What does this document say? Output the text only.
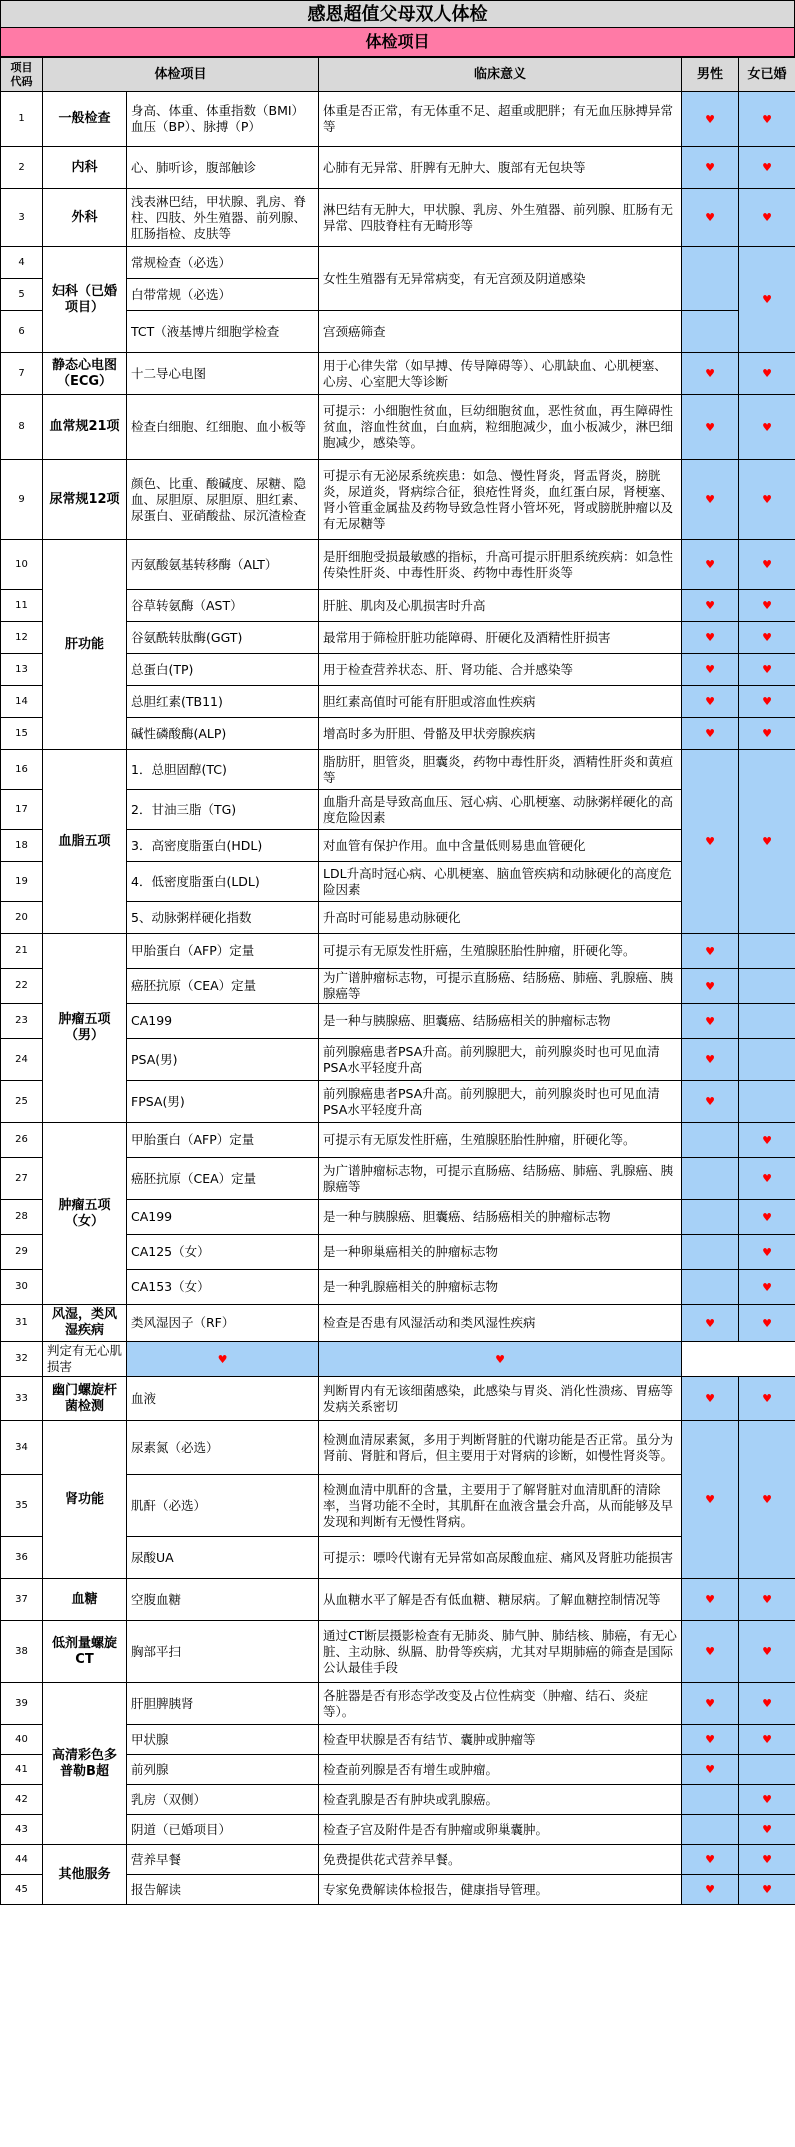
感恩超值父母双人体检
体检项目
项目
代码	体检项目		临床意义	男性	女已婚
1	一般检查	身高、体重、体重指数（BMI） 血压（BP）、脉搏（P）	体重是否正常，有无体重不足、超重或肥胖；有无血压脉搏异常等	♥	♥
2	内科	心、肺听诊，腹部触诊	心肺有无异常、肝脾有无肿大、腹部有无包块等	♥	♥
3	外科	浅表淋巴结，甲状腺、乳房、脊柱、四肢、外生殖器、前列腺、肛肠指检、皮肤等	淋巴结有无肿大，甲状腺、乳房、外生殖器、前列腺、肛肠有无异常、四肢脊柱有无畸形等	♥	♥
4	妇科（已婚项目）	常规检查（必选）	女性生殖器有无异常病变，有无宫颈及阴道感染		♥
5		白带常规（必选）			
6		TCT（液基博片细胞学检查	宫颈癌筛查		
7	静态心电图（ECG）	十二导心电图	用于心律失常（如早搏、传导障碍等）、心肌缺血、心肌梗塞、心房、心室肥大等诊断	♥	♥
8	血常规21项	检查白细胞、红细胞、血小板等	可提示：小细胞性贫血，巨幼细胞贫血，恶性贫血，再生障碍性贫血，溶血性贫血，白血病，粒细胞减少，血小板减少，淋巴细胞减少，感染等。	♥	♥
9	尿常规12项	颜色、比重、酸碱度、尿糖、隐血、尿胆原、尿胆原、胆红素、尿蛋白、亚硝酸盐、尿沉渣检查	可提示有无泌尿系统疾患：如急、慢性肾炎，肾盂肾炎，膀胱炎，尿道炎，肾病综合征，狼疮性肾炎，血红蛋白尿，肾梗塞、肾小管重金属盐及药物导致急性肾小管坏死，肾或膀胱肿瘤以及有无尿糖等	♥	♥
10	肝功能	丙氨酸氨基转移酶（ALT）	是肝细胞受损最敏感的指标，升高可提示肝胆系统疾病：如急性传染性肝炎、中毒性肝炎、药物中毒性肝炎等	♥	♥
11		谷草转氨酶（AST）	肝脏、肌肉及心肌损害时升高	♥	♥
12		谷氨酰转肽酶(GGT)	最常用于筛检肝脏功能障碍、肝硬化及酒精性肝损害	♥	♥
13		总蛋白(TP)	用于检查营养状态、肝、肾功能、合并感染等	♥	♥
14		总胆红素(TB11)	胆红素高值时可能有肝胆或溶血性疾病	♥	♥
15		碱性磷酸酶(ALP)	增高时多为肝胆、骨骼及甲状旁腺疾病	♥	♥
16	血脂五项	1．总胆固醇(TC)	脂肪肝，胆管炎，胆囊炎，药物中毒性肝炎，酒精性肝炎和黄疸等	♥	♥
17		2．甘油三脂（TG)	血脂升高是导致高血压、冠心病、心肌梗塞、动脉粥样硬化的高度危险因素		
18		3．高密度脂蛋白(HDL)	对血管有保护作用。血中含量低则易患血管硬化		
19		4．低密度脂蛋白(LDL)	LDL升高时冠心病、心肌梗塞、脑血管疾病和动脉硬化的高度危险因素		
20		5、动脉粥样硬化指数	升高时可能易患动脉硬化		
21	肿瘤五项（男）	甲胎蛋白（AFP）定量	可提示有无原发性肝癌，生殖腺胚胎性肿瘤，肝硬化等。	♥	
22		癌胚抗原（CEA）定量	为广谱肿瘤标志物，可提示直肠癌、结肠癌、肺癌、乳腺癌、胰腺癌等	♥	
23		CA199	是一种与胰腺癌、胆囊癌、结肠癌相关的肿瘤标志物	♥	
24		PSA(男)	前列腺癌患者PSA升高。前列腺肥大，前列腺炎时也可见血清PSA水平轻度升高	♥	
25		FPSA(男)	前列腺癌患者PSA升高。前列腺肥大，前列腺炎时也可见血清PSA水平轻度升高	♥	
26	肿瘤五项（女）	甲胎蛋白（AFP）定量	可提示有无原发性肝癌，生殖腺胚胎性肿瘤，肝硬化等。		♥
27		癌胚抗原（CEA）定量	为广谱肿瘤标志物，可提示直肠癌、结肠癌、肺癌、乳腺癌、胰腺癌等		♥
28		CA199	是一种与胰腺癌、胆囊癌、结肠癌相关的肿瘤标志物		♥
29		CA125（女）	是一种卵巢癌相关的肿瘤标志物		♥
30		CA153（女）	是一种乳腺癌相关的肿瘤标志物		♥
31	风湿，类风湿疾病	类风湿因子（RF）	检查是否患有风湿活动和类风湿性疾病	♥	♥
32	判定有无心肌损害	♥	♥		
33	幽门螺旋杆菌检测	血液	判断胃内有无该细菌感染，此感染与胃炎、消化性溃疡、胃癌等发病关系密切	♥	♥
34	肾功能	尿素氮（必选）	检测血清尿素氮，多用于判断肾脏的代谢功能是否正常。虽分为肾前、肾脏和肾后，但主要用于对肾病的诊断，如慢性肾炎等。	♥	♥
35		肌酐（必选）	检测血清中肌酐的含量，主要用于了解肾脏对血清肌酐的清除率，当肾功能不全时，其肌酐在血液含量会升高，从而能够及早发现和判断有无慢性肾病。		
36		尿酸UA	可提示：嘌呤代谢有无异常如高尿酸血症、痛风及肾脏功能损害		
37	血糖	空腹血糖	从血糖水平了解是否有低血糖、糖尿病。了解血糖控制情况等	♥	♥
38	低剂量螺旋CT	胸部平扫	通过CT断层摄影检查有无肺炎、肺气肿、肺结核、肺癌，有无心脏、主动脉、纵膈、肋骨等疾病，尤其对早期肺癌的筛查是国际公认最佳手段	♥	♥
39	高清彩色多普勒B超	肝胆脾胰肾	各脏器是否有形态学改变及占位性病变（肿瘤、结石、炎症等）。	♥	♥
40		甲状腺	检查甲状腺是否有结节、囊肿或肿瘤等	♥	♥
41		前列腺	检查前列腺是否有增生或肿瘤。	♥	
42		乳房（双侧）	检查乳腺是否有肿块或乳腺癌。		♥
43		阴道（已婚项目）	检查子宫及附件是否有肿瘤或卵巢囊肿。		♥
44	其他服务	营养早餐	免费提供花式营养早餐。	♥	♥
45		报告解读	专家免费解读体检报告，健康指导管理。	♥	♥
